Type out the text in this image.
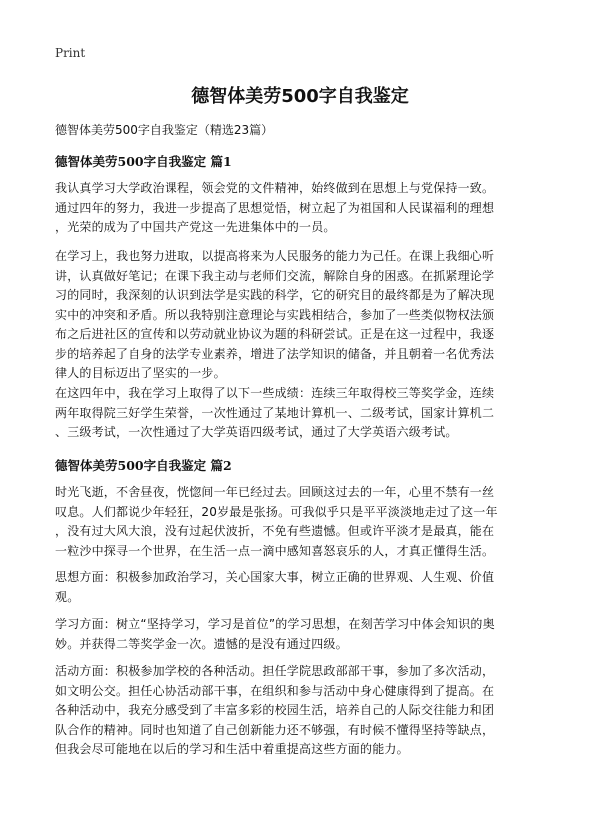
Print
德智体美劳500字自我鉴定
德智体美劳500字自我鉴定（精选23篇）
德智体美劳500字自我鉴定 篇1
我认真学习大学政治课程，领会党的文件精神，始终做到在思想上与党保持一致。
通过四年的努力，我进一步提高了思想觉悟，树立起了为祖国和人民谋福利的理想
，光荣的成为了中国共产党这一先进集体中的一员。
在学习上，我也努力进取，以提高将来为人民服务的能力为己任。在课上我细心听
讲，认真做好笔记；在课下我主动与老师们交流，解除自身的困惑。在抓紧理论学
习的同时，我深刻的认识到法学是实践的科学，它的研究目的最终都是为了解决现
实中的冲突和矛盾。所以我特别注意理论与实践相结合，参加了一些类似物权法颁
布之后进社区的宣传和以劳动就业协议为题的科研尝试。正是在这一过程中，我逐
步的培养起了自身的法学专业素养，增进了法学知识的储备，并且朝着一名优秀法
律人的目标迈出了坚实的一步。
在这四年中，我在学习上取得了以下一些成绩：连续三年取得校三等奖学金，连续
两年取得院三好学生荣誉，一次性通过了某地计算机一、二级考试，国家计算机二
、三级考试，一次性通过了大学英语四级考试，通过了大学英语六级考试。
德智体美劳500字自我鉴定 篇2
时光飞逝，不舍昼夜，恍惚间一年已经过去。回顾这过去的一年，心里不禁有一丝
叹息。人们都说少年轻狂，20岁最是张扬。可我似乎只是平平淡淡地走过了这一年
，没有过大风大浪，没有过起伏波折，不免有些遗憾。但或许平淡才是最真，能在
一粒沙中探寻一个世界，在生活一点一滴中感知喜怒哀乐的人，才真正懂得生活。
思想方面：积极参加政治学习，关心国家大事，树立正确的世界观、人生观、价值
观。
学习方面：树立“坚持学习，学习是首位”的学习思想，在刻苦学习中体会知识的奥
妙。并获得二等奖学金一次。遗憾的是没有通过四级。
活动方面：积极参加学校的各种活动。担任学院思政部部干事，参加了多次活动，
如文明公交。担任心协活动部干事，在组织和参与活动中身心健康得到了提高。在
各种活动中，我充分感受到了丰富多彩的校园生活，培养自己的人际交往能力和团
队合作的精神。同时也知道了自己创新能力还不够强，有时候不懂得坚持等缺点，
但我会尽可能地在以后的学习和生活中着重提高这些方面的能力。
